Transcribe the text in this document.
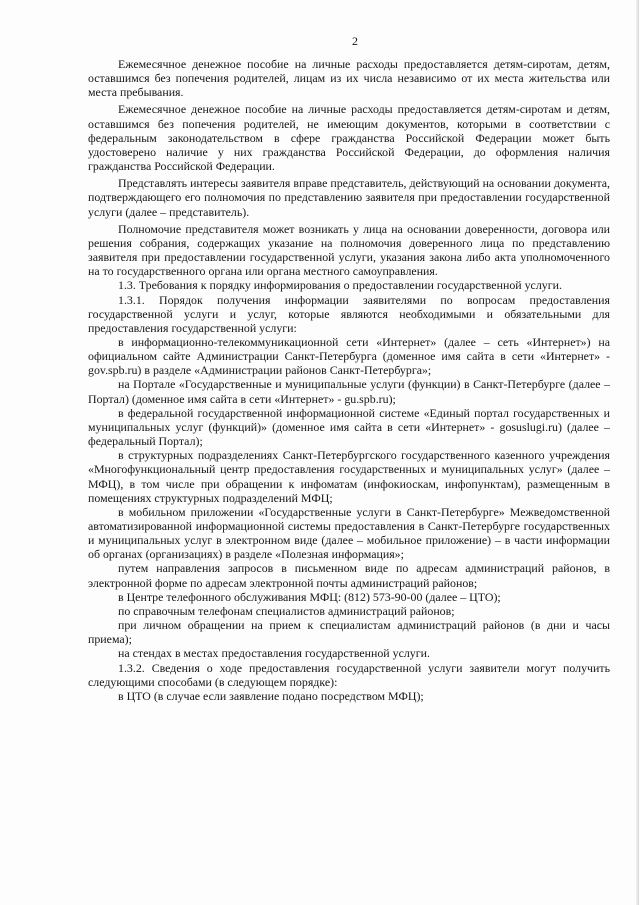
2

Ежемесячное денежное пособие на личные расходы предоставляется детям-сиротам, детям, оставшимся без попечения родителей, лицам из их числа независимо от их места жительства или места пребывания.

Ежемесячное денежное пособие на личные расходы предоставляется детям-сиротам и детям, оставшимся без попечения родителей, не имеющим документов, которыми в соответствии с федеральным законодательством в сфере гражданства Российской Федерации может быть удостоверено наличие у них гражданства Российской Федерации, до оформления наличия гражданства Российской Федерации.

Представлять интересы заявителя вправе представитель, действующий на основании документа, подтверждающего его полномочия по представлению заявителя при предоставлении государственной услуги (далее – представитель).

Полномочие представителя может возникать у лица на основании доверенности, договора или решения собрания, содержащих указание на полномочия доверенного лица по представлению заявителя при предоставлении государственной услуги, указания закона либо акта уполномоченного на то государственного органа или органа местного самоуправления.

1.3. Требования к порядку информирования о предоставлении государственной услуги.

1.3.1. Порядок получения информации заявителями по вопросам предоставления государственной услуги и услуг, которые являются необходимыми и обязательными для предоставления государственной услуги:

в информационно-телекоммуникационной сети «Интернет» (далее – сеть «Интернет») на официальном сайте Администрации Санкт-Петербурга (доменное имя сайта в сети «Интернет» - gov.spb.ru) в разделе «Администрации районов Санкт-Петербурга»;

на Портале «Государственные и муниципальные услуги (функции) в Санкт-Петербурге (далее – Портал) (доменное имя сайта в сети «Интернет» - gu.spb.ru);

в федеральной государственной информационной системе «Единый портал государственных и муниципальных услуг (функций)» (доменное имя сайта в сети «Интернет» - gosuslugi.ru) (далее – федеральный Портал);

в структурных подразделениях Санкт-Петербургского государственного казенного учреждения «Многофункциональный центр предоставления государственных и муниципальных услуг» (далее – МФЦ), в том числе при обращении к инфоматам (инфокиоскам, инфопунктам), размещенным в помещениях структурных подразделений МФЦ;

в мобильном приложении «Государственные услуги в Санкт-Петербурге» Межведомственной автоматизированной информационной системы предоставления в Санкт-Петербурге государственных и муниципальных услуг в электронном виде (далее – мобильное приложение) – в части информации об органах (организациях) в разделе «Полезная информация»;

путем направления запросов в письменном виде по адресам администраций районов, в электронной форме по адресам электронной почты администраций районов;

в Центре телефонного обслуживания МФЦ: (812) 573-90-00 (далее – ЦТО);

по справочным телефонам специалистов администраций районов;

при личном обращении на прием к специалистам администраций районов (в дни и часы приема);

на стендах в местах предоставления государственной услуги.

1.3.2. Сведения о ходе предоставления государственной услуги заявители могут получить следующими способами (в следующем порядке):

в ЦТО (в случае если заявление подано посредством МФЦ);
